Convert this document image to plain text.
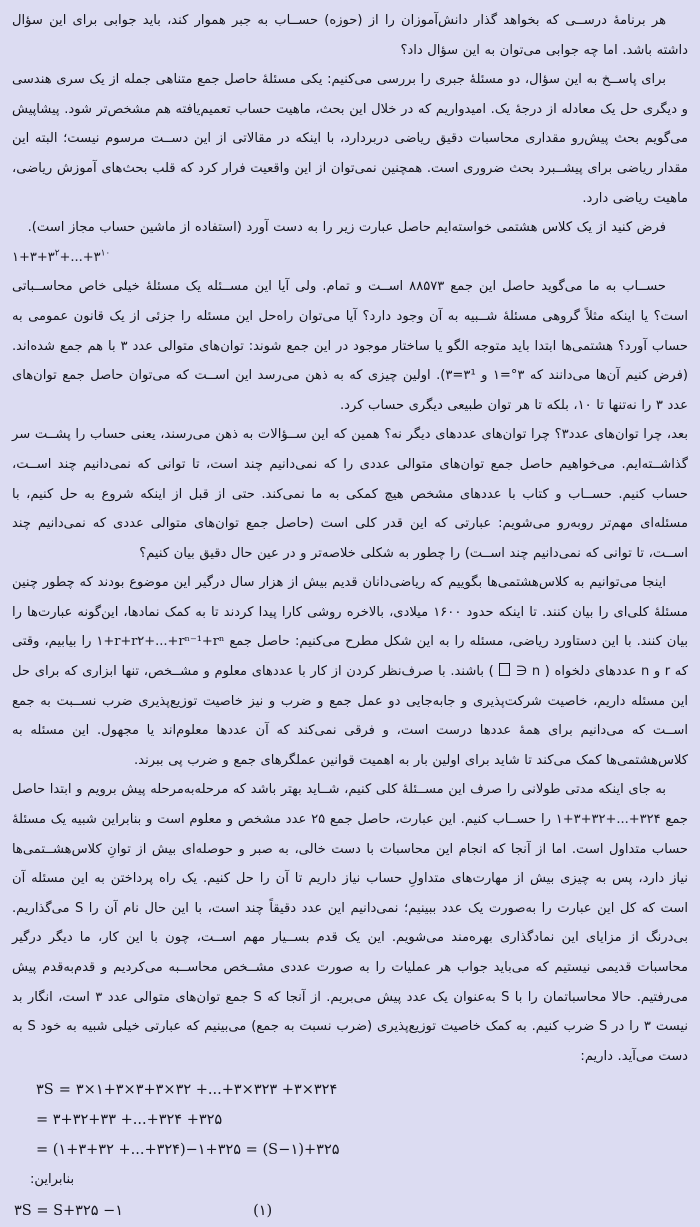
هر برنامهٔ درســی که بخواهد گذار دانش‌آموزان را از (حوزه) حســاب به جبر هموار کند، باید جوابی برای این سؤال داشته باشد. اما چه جوابی می‌توان به این سؤال داد؟

برای پاســخ به این سؤال، دو مسئلهٔ جبری را بررسی می‌کنیم: یکی مسئلهٔ حاصل جمع متناهی جمله از یک سری هندسی و دیگری حل یک معادله از درجهٔ یک. امیدواریم که در خلال این بحث، ماهیت حساب تعمیم‌یافته هم مشخص‌تر شود. پیشاپیش می‌گویم بحث پیش‌رو مقداری محاسبات دقیق ریاضی دربردارد، با اینکه در مقالاتی از این دســت مرسوم نیست؛ البته این مقدار ریاضی برای پیشــبرد بحث ضروری است. همچنین نمی‌توان از این واقعیت فرار کرد که قلب بحث‌های آموزش ریاضی، ماهیت ریاضی دارد.

فرض کنید از یک کلاس هشتمی خواسته‌ایم حاصل عبارت زیر را به دست آورد (استفاده از ماشین حساب مجاز است).

$۱+۳+۳^۲+...+۳^{۱۰}$

حســاب به ما می‌گوید حاصل این جمع ۸۸۵۷۳ اســت و تمام. ولی آیا این مســئله یک مسئلهٔ خیلی خاص محاســباتی است؟ یا اینکه مثلاً گروهی مسئلهٔ شــبیه به آن وجود دارد؟ آیا می‌توان راه‌حل این مسئله را جزئی از یک قانون عمومی به حساب آورد؟ هشتمی‌ها ابتدا باید متوجه الگو یا ساختار موجود در این جمع شوند: توان‌های متوالی عدد ۳ با هم جمع شده‌اند. (فرض کنیم آن‌ها می‌دانند که ۳°=۱ و ۳¹=۳). اولین چیزی که به ذهن می‌رسد این اســت که می‌توان حاصل جمع توان‌های عدد ۳ را نه‌تنها تا ۱۰، بلکه تا هر توان طبیعی دیگری حساب کرد.

بعد، چرا توان‌های عدد۳؟ چرا توان‌های عددهای دیگر نه؟ همین که این ســؤالات به ذهن می‌رسند، یعنی حساب را پشــت سر گذاشــته‌ایم. می‌خواهیم حاصل جمع توان‌های متوالی عددی را که نمی‌دانیم چند است، تا توانی که نمی‌دانیم چند اســت، حساب کنیم. حســاب و کتاب با عددهای مشخص هیچ کمکی به ما نمی‌کند. حتی از قبل از اینکه شروع به حل کنیم، با مسئله‌ای مهم‌تر روبه‌رو می‌شویم: عبارتی که این قدر کلی است (حاصل جمع توان‌های متوالی عددی که نمی‌دانیم چند اســت، تا توانی که نمی‌دانیم چند اســت) را چطور به شکلی خلاصه‌تر و در عین حال دقیق بیان کنیم؟

اینجا می‌توانیم به کلاس‌هشتمی‌ها بگوییم که ریاضی‌دانان قدیم بیش از هزار سال درگیر این موضوع بودند که چطور چنین مسئلهٔ کلی‌ای را بیان کنند. تا اینکه حدود ۱۶۰۰ میلادی، بالاخره روشی کارا پیدا کردند تا به کمک نمادها، این‌گونه عبارت‌ها را بیان کنند. با این دستاورد ریاضی، مسئله را به این شکل مطرح می‌کنیم: حاصل جمع ۱+r+r۲+...+rⁿ⁻¹+rⁿ را بیابیم، وقتی که r و n عددهای دلخواه ( n ∈  ) باشند. با صرف‌نظر کردن از کار با عددهای معلوم و مشــخص، تنها ابزاری که برای حل این مسئله داریم، خاصیت شرکت‌پذیری و جابه‌جایی دو عمل جمع و ضرب و نیز خاصیت توزیع‌پذیری ضرب نســبت به جمع اســت که می‌دانیم برای همهٔ عددها درست است، و فرقی نمی‌کند که آن عددها معلوم‌اند یا مجهول. این مسئله به کلاس‌هشتمی‌ها کمک می‌کند تا شاید برای اولین بار به اهمیت قوانین عملگرهای جمع و ضرب پی ببرند.

به جای اینکه مدتی طولانی را صرف این مســئلهٔ کلی کنیم، شــاید بهتر باشد که مرحله‌به‌مرحله پیش برویم و ابتدا حاصل جمع ۱+۳+۳۲+...+۳۲۴ را حســاب کنیم. این عبارت، حاصل جمع ۲۵ عدد مشخص و معلوم است و بنابراین شبیه یک مسئلهٔ حساب متداول است. اما از آنجا که انجام این محاسبات با دست خالی، به صبر و حوصله‌ای بیش از توانِ کلاس‌هشــتمی‌ها نیاز دارد، پس به چیزی بیش از مهارت‌های متداولِ حساب نیاز داریم تا آن را حل کنیم. یک راه پرداختن به این مسئله آن است که کل این عبارت را به‌صورت یک عدد ببینیم؛ نمی‌دانیم این عدد دقیقاً چند است، با این حال نام آن را S می‌گذاریم. بی‌درنگ از مزایای این نمادگذاری بهره‌مند می‌شویم. این یک قدم بســیار مهم اســت، چون با این کار، ما دیگر درگیر محاسبات قدیمی نیستیم که می‌باید جواب هر عملیات را به صورت عددی مشــخص محاســبه می‌کردیم و قدم‌به‌قدم پیش می‌رفتیم. حالا محاسباتمان را با S به‌عنوان یک عدد پیش می‌بریم. از آنجا که S جمع توان‌های متوالی عدد ۳ است، انگار بد نیست ۳ را در S ضرب کنیم. به کمک خاصیت توزیع‌پذیری (ضرب نسبت به جمع) می‌بینیم که عبارتی خیلی شبیه به خود S به دست می‌آید. داریم:

۳S = ۳×۱+۳×۳+۳×۳۲ +...+۳×۳۲۳ +۳×۳۲۴
= ۳+۳۲+۳۳ +...+۳۲۴ +۳۲۵
= (۱+۳+۳۲ +...+۳۲۴)−۱+۳۲۵ = (S−۱)+۳۲۵

بنابراین:

۳S = S+۳۲۵ −۱	(۱)
